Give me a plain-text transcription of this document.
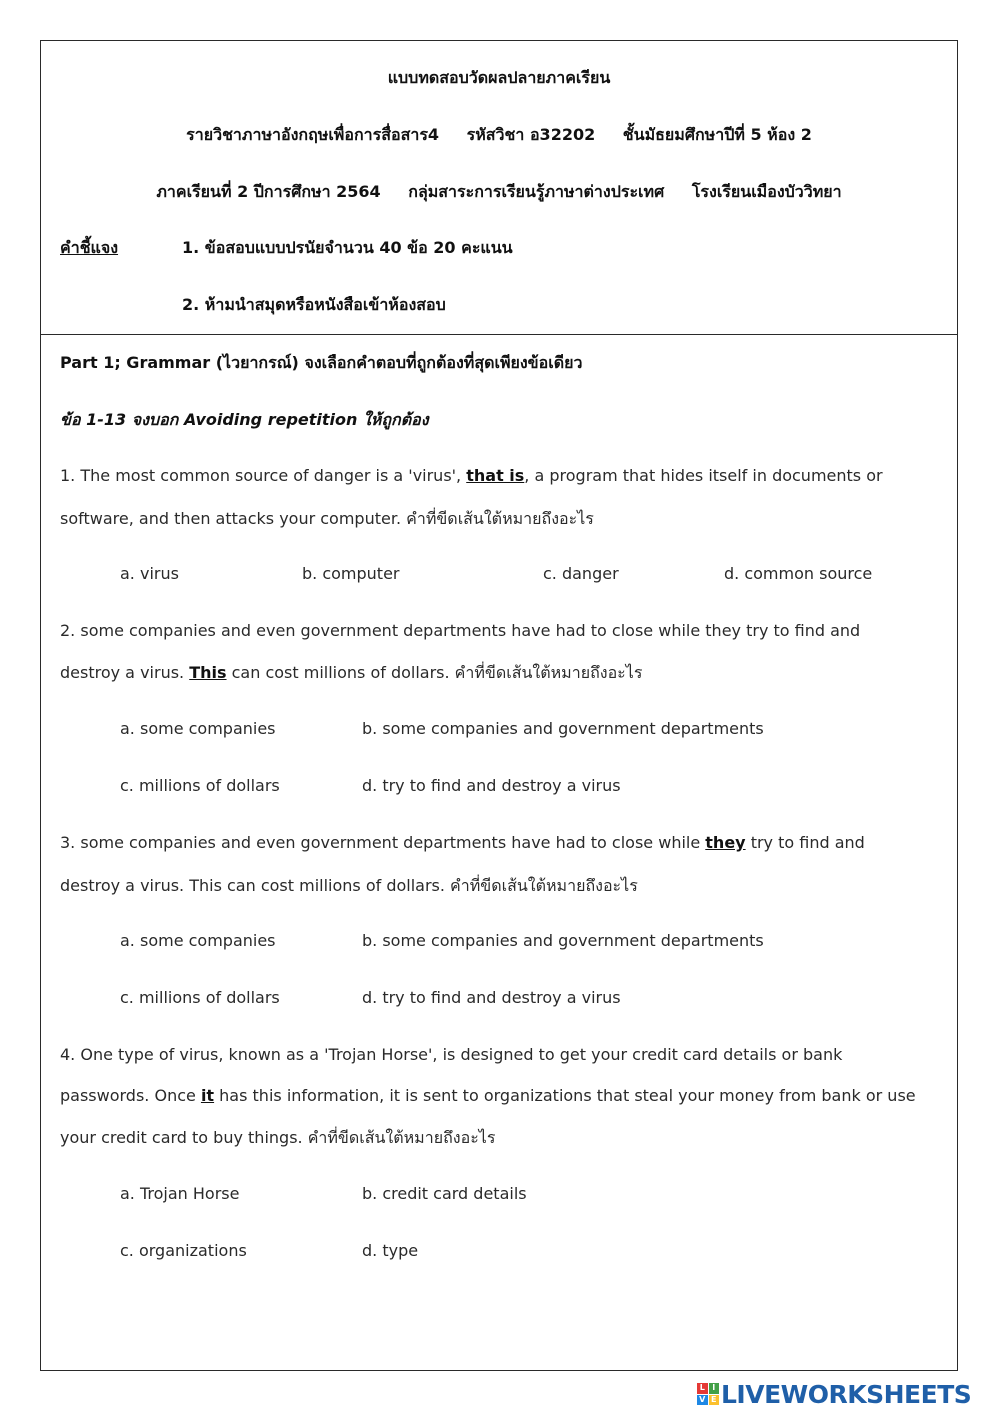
แบบทดสอบวัดผลปลายภาคเรียน
รายวิชาภาษาอังกฤษเพื่อการสื่อสาร4 รหัสวิชา อ32202 ชั้นมัธยมศึกษาปีที่ 5 ห้อง 2
ภาคเรียนที่ 2 ปีการศึกษา 2564 กลุ่มสาระการเรียนรู้ภาษาต่างประเทศ โรงเรียนเมืองบัววิทยา
คำชี้แจง	1. ข้อสอบแบบปรนัยจำนวน 40 ข้อ 20 คะแนน
2. ห้ามนำสมุดหรือหนังสือเข้าห้องสอบ
Part 1; Grammar (ไวยากรณ์) จงเลือกคำตอบที่ถูกต้องที่สุดเพียงข้อเดียว
ข้อ 1-13 จงบอก Avoiding repetition ให้ถูกต้อง
1. The most common source of danger is a 'virus', that is, a program that hides itself in documents or
software, and then attacks your computer. คำที่ขีดเส้นใต้หมายถึงอะไร
a. virus	b. computer	c. danger	d. common source
2. some companies and even government departments have had to close while they try to find and
destroy a virus. This can cost millions of dollars. คำที่ขีดเส้นใต้หมายถึงอะไร
a. some companies	b. some companies and government departments
c. millions of dollars	d. try to find and destroy a virus
3. some companies and even government departments have had to close while they try to find and
destroy a virus. This can cost millions of dollars. คำที่ขีดเส้นใต้หมายถึงอะไร
a. some companies	b. some companies and government departments
c. millions of dollars	d. try to find and destroy a virus
4. One type of virus, known as a 'Trojan Horse', is designed to get your credit card details or bank
passwords. Once it has this information, it is sent to organizations that steal your money from bank or use
your credit card to buy things. คำที่ขีดเส้นใต้หมายถึงอะไร
a. Trojan Horse	b. credit card details
c. organizations	d. type
L I
V E LIVEWORKSHEETS
